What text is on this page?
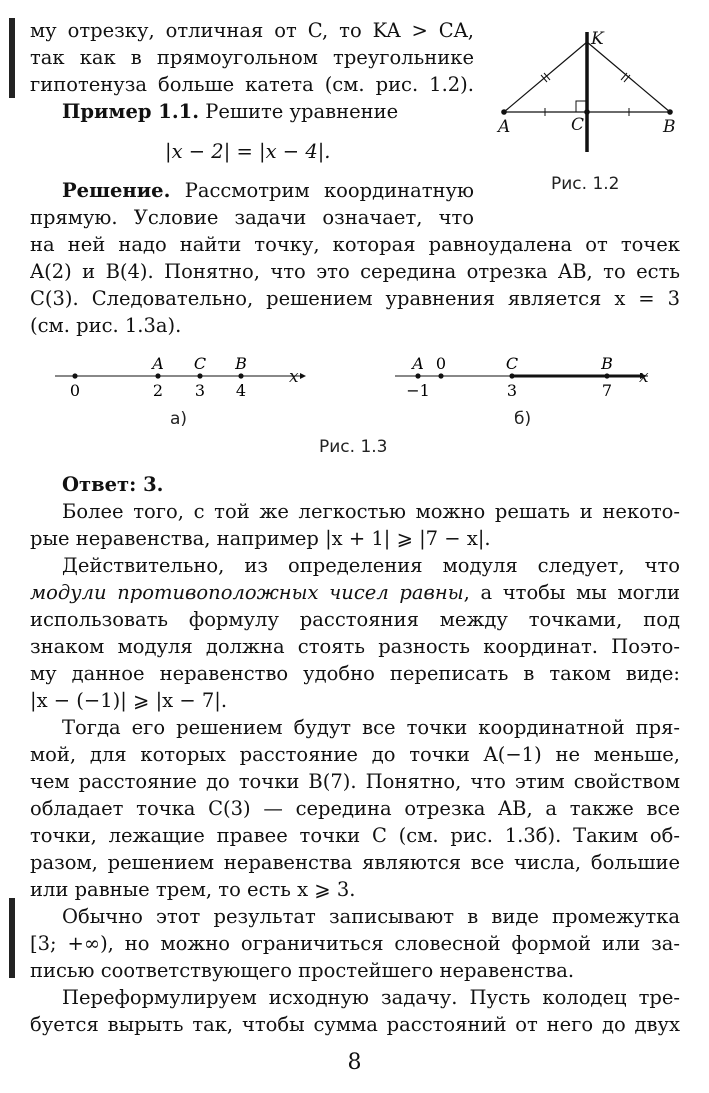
му отрезку, отличная от C, то KA > CA,
так как в прямоугольном треугольнике
гипотенуза больше катета (см. рис. 1.2).
Пример 1.1. Решите уравнение
|x − 2| = |x − 4|.
Решение. Рассмотрим координатную
прямую. Условие задачи означает, что
на ней надо найти точку, которая равноудалена от точек
A(2) и B(4). Понятно, что это середина отрезка AB, то есть
C(3). Следовательно, решением уравнения является x = 3
(см. рис. 1.3а).
K
A	C	B
Рис. 1.2
0	2
A
3
C
4
B
−1
A 0
3
C
7
B
x	x
а)	б)
Рис. 1.3
Ответ: 3.
Более того, с той же легкостью можно решать и некото-
рые неравенства, например |x + 1| ⩾ |7 − x|.
Действительно, из определения модуля следует, что
модули противоположных чисел равны, а чтобы мы могли
использовать формулу расстояния между точками, под
знаком модуля должна стоять разность координат. Поэто-
му данное неравенство удобно переписать в таком виде:
|x − (−1)| ⩾ |x − 7|.
Тогда его решением будут все точки координатной пря-
мой, для которых расстояние до точки A(−1) не меньше,
чем расстояние до точки B(7). Понятно, что этим свойством
обладает точка C(3) — середина отрезка AB, а также все
точки, лежащие правее точки C (см. рис. 1.3б). Таким об-
разом, решением неравенства являются все числа, большие
или равные трем, то есть x ⩾ 3.
Обычно этот результат записывают в виде промежутка
[3; +∞), но можно ограничиться словесной формой или за-
писью соответствующего простейшего неравенства.
Переформулируем исходную задачу. Пусть колодец тре-
буется вырыть так, чтобы сумма расстояний от него до двух
8
